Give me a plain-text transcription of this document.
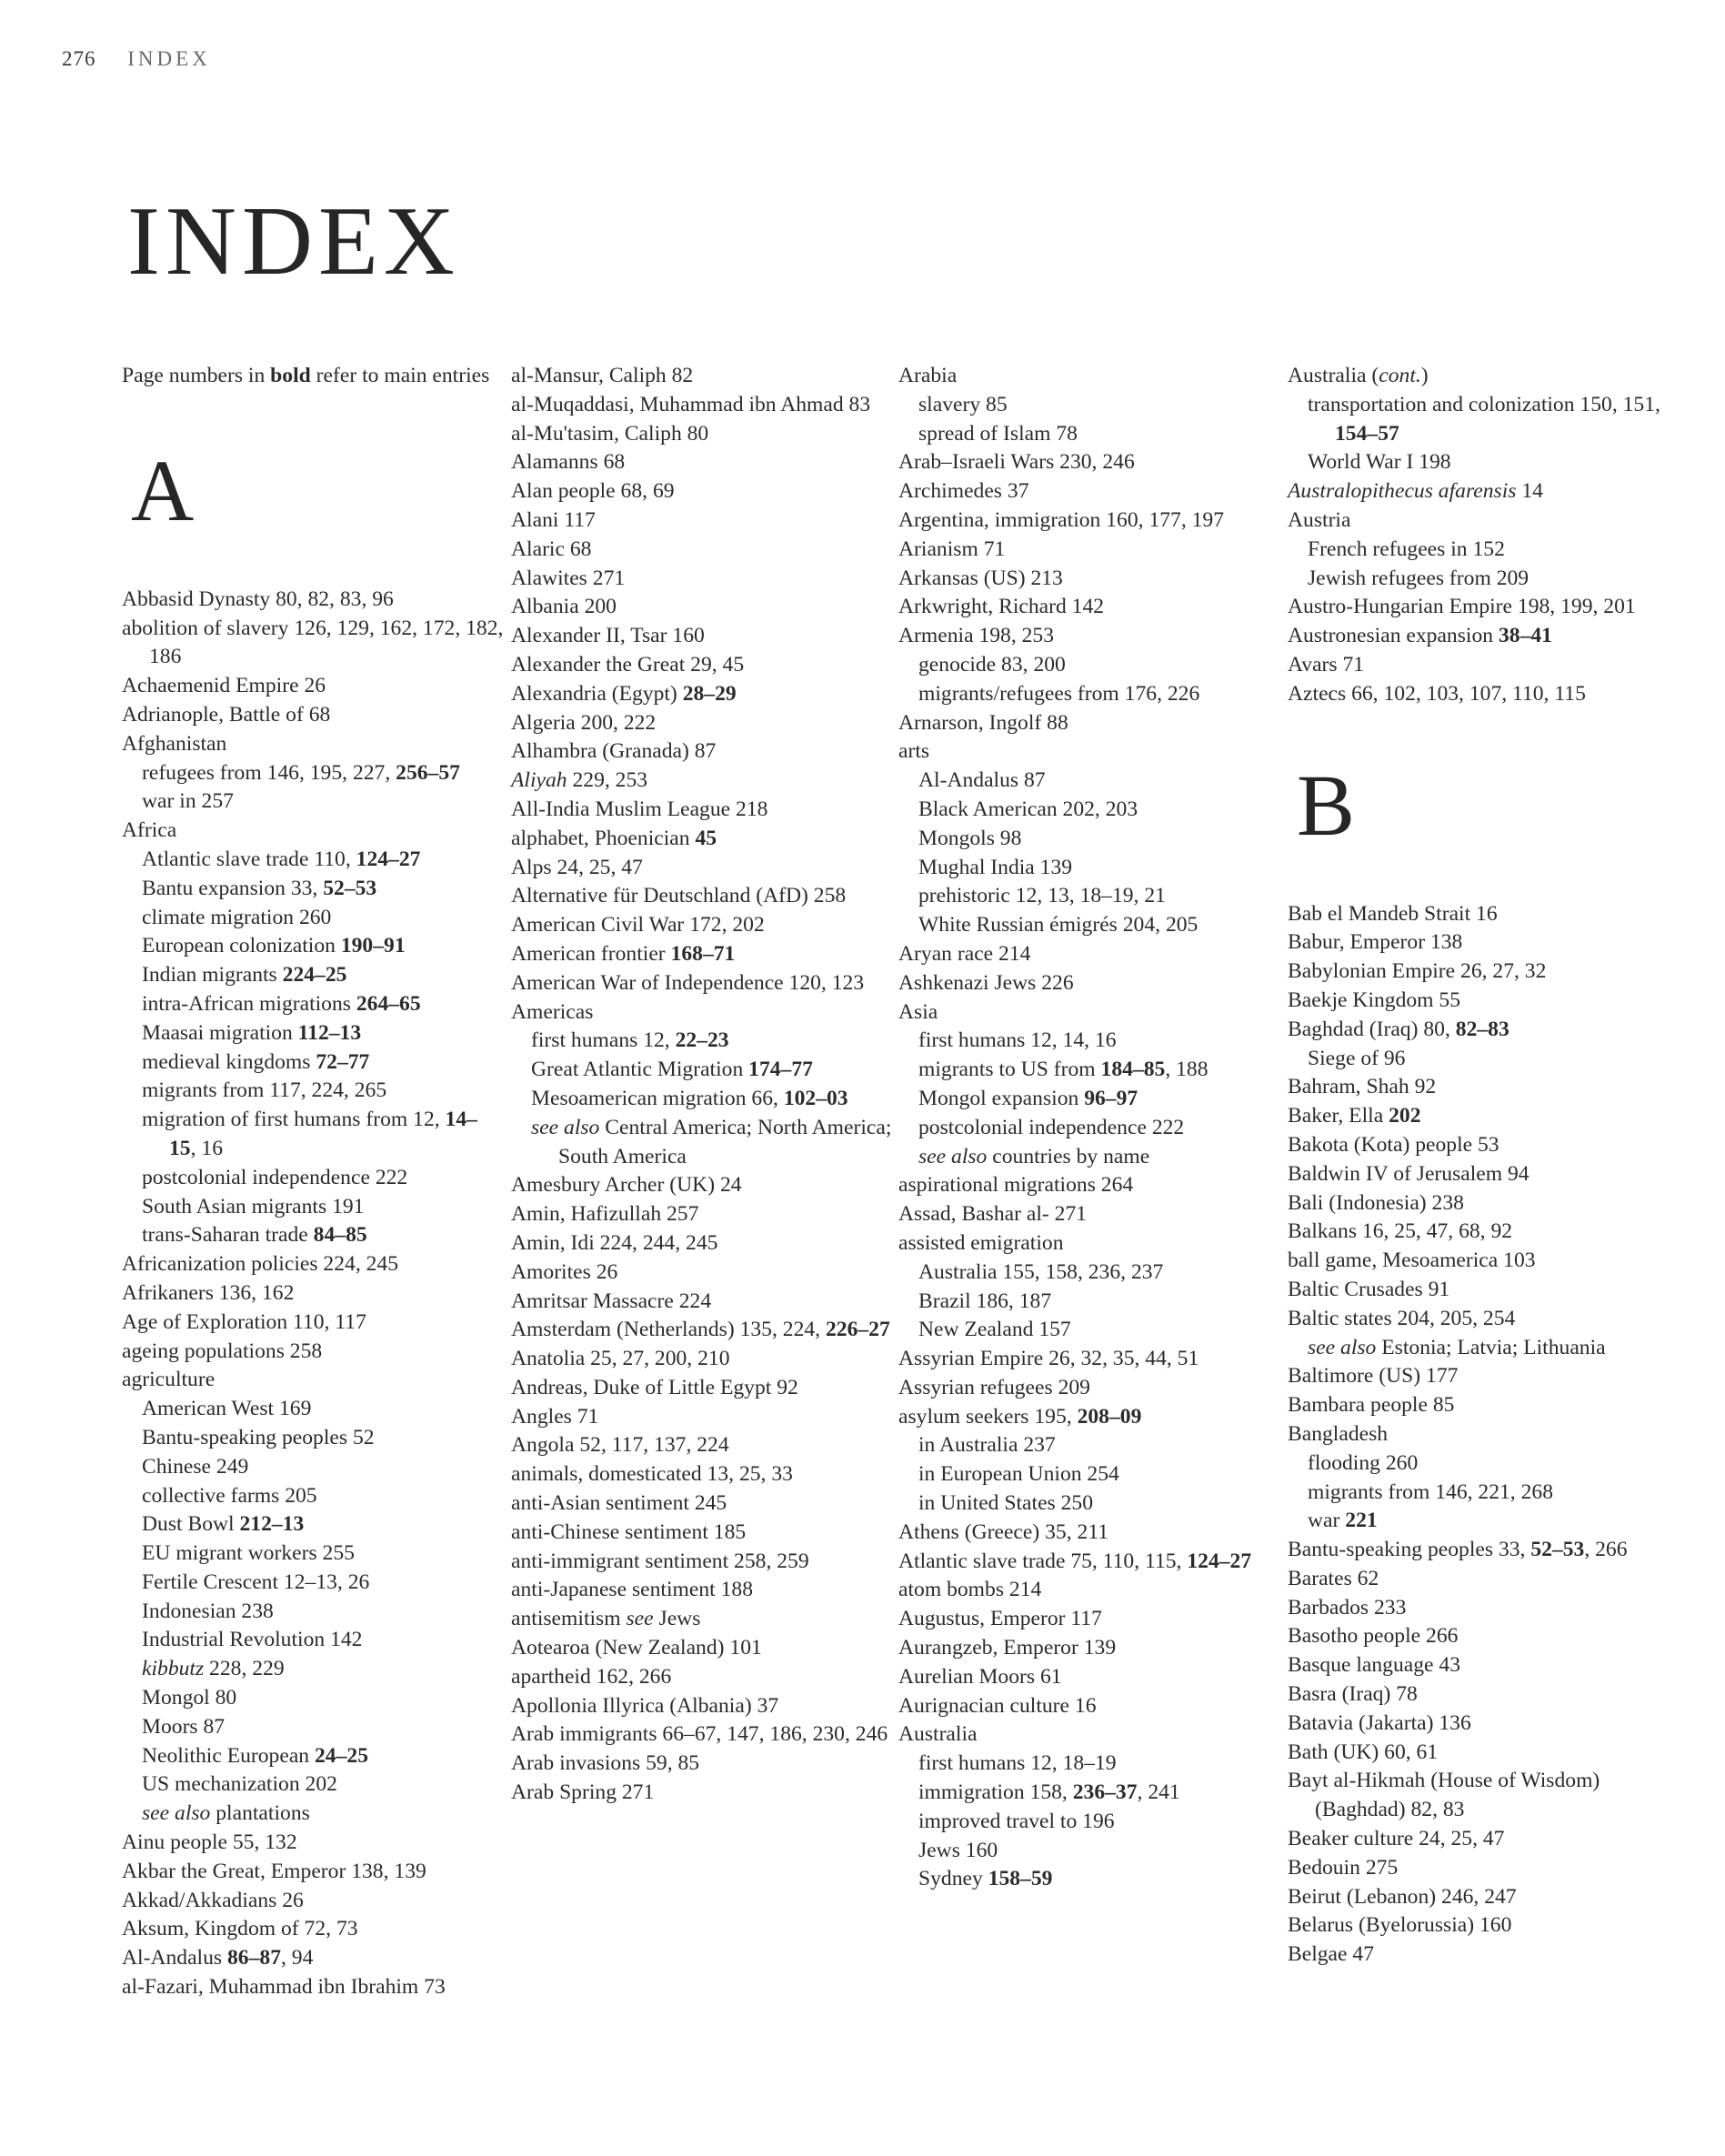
276 INDEX
INDEX
Page numbers in bold refer to main entries
A
Abbasid Dynasty 80, 82, 83, 96
abolition of slavery 126, 129, 162, 172, 182, 186
Achaemenid Empire 26
Adrianople, Battle of 68
Afghanistan
refugees from 146, 195, 227, 256–57
war in 257
Africa
Atlantic slave trade 110, 124–27
Bantu expansion 33, 52–53
climate migration 260
European colonization 190–91
Indian migrants 224–25
intra-African migrations 264–65
Maasai migration 112–13
medieval kingdoms 72–77
migrants from 117, 224, 265
migration of first humans from 12, 14–15, 16
postcolonial independence 222
South Asian migrants 191
trans-Saharan trade 84–85
Africanization policies 224, 245
Afrikaners 136, 162
Age of Exploration 110, 117
ageing populations 258
agriculture
American West 169
Bantu-speaking peoples 52
Chinese 249
collective farms 205
Dust Bowl 212–13
EU migrant workers 255
Fertile Crescent 12–13, 26
Indonesian 238
Industrial Revolution 142
kibbutz 228, 229
Mongol 80
Moors 87
Neolithic European 24–25
US mechanization 202
see also plantations
Ainu people 55, 132
Akbar the Great, Emperor 138, 139
Akkad/Akkadians 26
Aksum, Kingdom of 72, 73
Al-Andalus 86–87, 94
al-Fazari, Muhammad ibn Ibrahim 73
al-Mansur, Caliph 82
al-Muqaddasi, Muhammad ibn Ahmad 83
al-Mu'tasim, Caliph 80
Alamanns 68
Alan people 68, 69
Alani 117
Alaric 68
Alawites 271
Albania 200
Alexander II, Tsar 160
Alexander the Great 29, 45
Alexandria (Egypt) 28–29
Algeria 200, 222
Alhambra (Granada) 87
Aliyah 229, 253
All-India Muslim League 218
alphabet, Phoenician 45
Alps 24, 25, 47
Alternative für Deutschland (AfD) 258
American Civil War 172, 202
American frontier 168–71
American War of Independence 120, 123
Americas
first humans 12, 22–23
Great Atlantic Migration 174–77
Mesoamerican migration 66, 102–03
see also Central America; North America; South America
Amesbury Archer (UK) 24
Amin, Hafizullah 257
Amin, Idi 224, 244, 245
Amorites 26
Amritsar Massacre 224
Amsterdam (Netherlands) 135, 224, 226–27
Anatolia 25, 27, 200, 210
Andreas, Duke of Little Egypt 92
Angles 71
Angola 52, 117, 137, 224
animals, domesticated 13, 25, 33
anti-Asian sentiment 245
anti-Chinese sentiment 185
anti-immigrant sentiment 258, 259
anti-Japanese sentiment 188
antisemitism see Jews
Aotearoa (New Zealand) 101
apartheid 162, 266
Apollonia Illyrica (Albania) 37
Arab immigrants 66–67, 147, 186, 230, 246
Arab invasions 59, 85
Arab Spring 271
Arabia
slavery 85
spread of Islam 78
Arab–Israeli Wars 230, 246
Archimedes 37
Argentina, immigration 160, 177, 197
Arianism 71
Arkansas (US) 213
Arkwright, Richard 142
Armenia 198, 253
genocide 83, 200
migrants/refugees from 176, 226
Arnarson, Ingolf 88
arts
Al-Andalus 87
Black American 202, 203
Mongols 98
Mughal India 139
prehistoric 12, 13, 18–19, 21
White Russian émigrés 204, 205
Aryan race 214
Ashkenazi Jews 226
Asia
first humans 12, 14, 16
migrants to US from 184–85, 188
Mongol expansion 96–97
postcolonial independence 222
see also countries by name
aspirational migrations 264
Assad, Bashar al- 271
assisted emigration
Australia 155, 158, 236, 237
Brazil 186, 187
New Zealand 157
Assyrian Empire 26, 32, 35, 44, 51
Assyrian refugees 209
asylum seekers 195, 208–09
in Australia 237
in European Union 254
in United States 250
Athens (Greece) 35, 211
Atlantic slave trade 75, 110, 115, 124–27
atom bombs 214
Augustus, Emperor 117
Aurangzeb, Emperor 139
Aurelian Moors 61
Aurignacian culture 16
Australia
first humans 12, 18–19
immigration 158, 236–37, 241
improved travel to 196
Jews 160
Sydney 158–59
Australia (cont.)
transportation and colonization 150, 151, 154–57
World War I 198
Australopithecus afarensis 14
Austria
French refugees in 152
Jewish refugees from 209
Austro-Hungarian Empire 198, 199, 201
Austronesian expansion 38–41
Avars 71
Aztecs 66, 102, 103, 107, 110, 115
B
Bab el Mandeb Strait 16
Babur, Emperor 138
Babylonian Empire 26, 27, 32
Baekje Kingdom 55
Baghdad (Iraq) 80, 82–83
Siege of 96
Bahram, Shah 92
Baker, Ella 202
Bakota (Kota) people 53
Baldwin IV of Jerusalem 94
Bali (Indonesia) 238
Balkans 16, 25, 47, 68, 92
ball game, Mesoamerica 103
Baltic Crusades 91
Baltic states 204, 205, 254
see also Estonia; Latvia; Lithuania
Baltimore (US) 177
Bambara people 85
Bangladesh
flooding 260
migrants from 146, 221, 268
war 221
Bantu-speaking peoples 33, 52–53, 266
Barates 62
Barbados 233
Basotho people 266
Basque language 43
Basra (Iraq) 78
Batavia (Jakarta) 136
Bath (UK) 60, 61
Bayt al-Hikmah (House of Wisdom) (Baghdad) 82, 83
Beaker culture 24, 25, 47
Bedouin 275
Beirut (Lebanon) 246, 247
Belarus (Byelorussia) 160
Belgae 47
